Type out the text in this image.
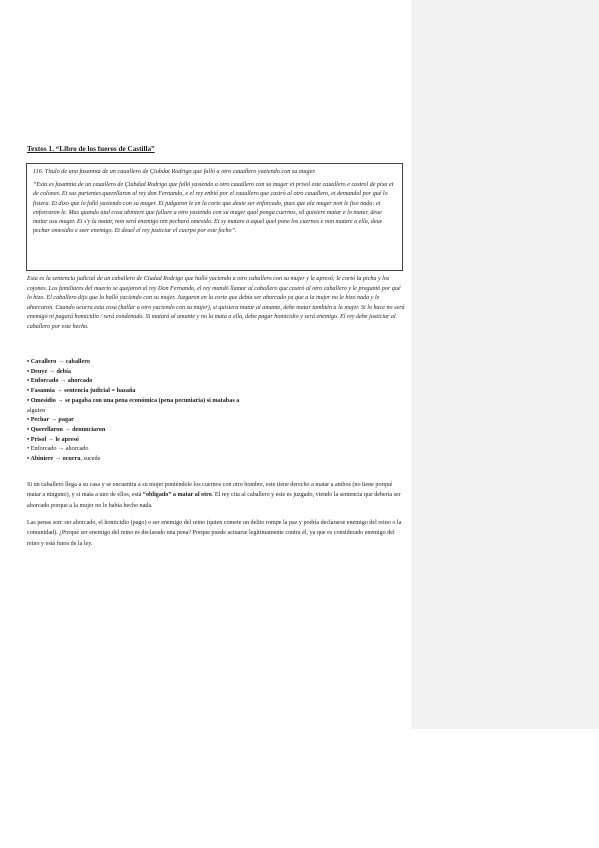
Textos 1. “Libro de los fueros de Castilla”

116. Título de una fasannia de un cauallero de Çiubdat Rodrigo que falló a otro cauallero yaziendo con su muger.

“Esta es fasannia de un cauallero de Çiubdad Rodrigo que falló yasiendo a otro cauallero con su muger et prisol este cauallero e castrol de pixa et de colones. Et sus parientes querellaron al rey don Fernando, e el rey enbió por el cauallero que castró al otro cauallero, et demandol por qué lo fisiera. Et dixo que lo falló yasiendo con su muger. Et judgaron le en la corte que deuie ser enforcado, pues que ala muger non le fiso nada; et enforcaron le. Mas quando atal cosa abiniere que fallare a otro yasiendo con su muger qual ponga cuernos, sil quisiere matar e lo matar, deue matar asu muger. Et s'y la matar, non será enemigo nin pechará omesido. Et sy matare a aquel quel pone los cuernos e non matare a ella, deue pechar omesidio e seer enemigo. Et deuel el rey justiciar el cuerpo por este fecho”.

Esta es la sentencia judicial de un caballero de Ciudad Rodrigo que halló yaciendo a otro caballero con su mujer y le apresó; le cortó la picha y los cojones. Los familiares del muerto se quejaron al rey Don Fernando, el rey mandó llamar al caballero que castró al otro caballero y le preguntó por qué lo hizo. El caballero dijo que lo halló yaciendo con su mujer. Juzgaron en la corte que debía ser ahorcado ya que a la mujer no le hizo nada y le ahorcaron. Cuando ocurra esta cosa (hallar a otro yaciendo con su mujer), si quisiera matar al amante, debe matar también a la mujer. Si lo hace no será enemigo ni pagará homicidio / será condenado. Si matará al amante y no la mata a ella, debe pagar homicidio y será enemigo. El rey debe justiciar al caballero por este hecho.

• Cavallero → caballero
• Deuye → debía
• Enforcado → ahorcado
• Fasannia → sentencia judicial = hazaña
• Omesidio → se pagaba con una pena económica (pena pecuniaria) si matabas a
alguien
• Pechar → pagar
• Querellaron → denunciaron
• Prisol → le apresó
• Enforcado → ahorcado
• Abiniere → ocurra, sucede

Si un caballero llega a su casa y se encuentra a su mujer poniéndole los cuernos con otro hombre, este tiene derecho a matar a ambos (no tiene porqué matar a ninguno), y si mata a uno de ellos, está “obligado” a matar al otro. El rey cita al caballero y este es juzgado, viendo la sentencia que debería ser ahorcado porque a la mujer no le había hecho nada.

Las penas son: ser ahorcado, el homicidio (pago) o ser enemigo del reino (quien comete un delito rompe la paz y podría declararse enemigo del reino o la comunidad). ¿Porqué ser enemigo del reino es declarado una pena? Porque puede actuarse legítimamente contra él, ya que es considerado enemigo del reino y está fuera de la ley.
